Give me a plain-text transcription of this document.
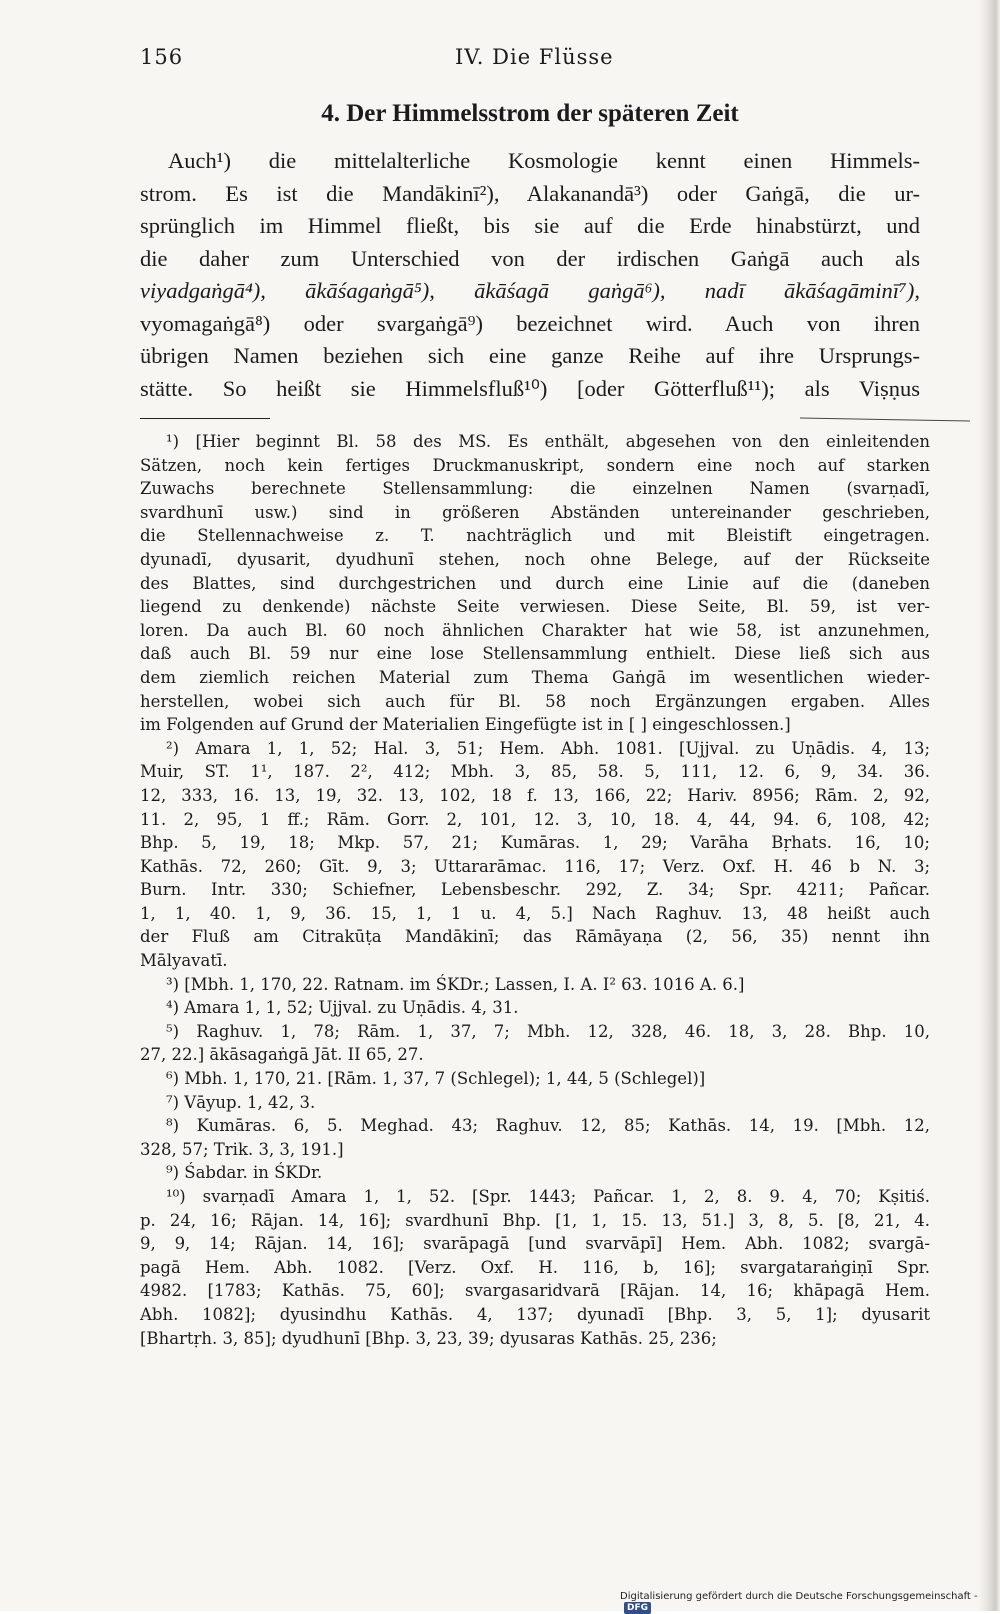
156	IV. Die Flüsse
4. Der Himmelsstrom der späteren Zeit
Auch¹) die mittelalterliche Kosmologie kennt einen Himmels-
strom. Es ist die Mandākinī²), Alakanandā³) oder Gaṅgā, die ur-
sprünglich im Himmel fließt, bis sie auf die Erde hinabstürzt, und
die daher zum Unterschied von der irdischen Gaṅgā auch als
viyadgaṅgā⁴), ākāśagaṅgā⁵), ākāśagā gaṅgā⁶), nadī ākāśagāminī⁷),
vyomagaṅgā⁸) oder svargaṅgā⁹) bezeichnet wird. Auch von ihren
übrigen Namen beziehen sich eine ganze Reihe auf ihre Ursprungs-
stätte. So heißt sie Himmelsfluß¹⁰) [oder Götterfluß¹¹); als Viṣṇus
¹) [Hier beginnt Bl. 58 des MS. Es enthält, abgesehen von den einleitenden
Sätzen, noch kein fertiges Druckmanuskript, sondern eine noch auf starken
Zuwachs berechnete Stellensammlung: die einzelnen Namen (svarṇadī,
svardhunī usw.) sind in größeren Abständen untereinander geschrieben,
die Stellennachweise z. T. nachträglich und mit Bleistift eingetragen.
dyunadī, dyusarit, dyudhunī stehen, noch ohne Belege, auf der Rückseite
des Blattes, sind durchgestrichen und durch eine Linie auf die (daneben
liegend zu denkende) nächste Seite verwiesen. Diese Seite, Bl. 59, ist ver-
loren. Da auch Bl. 60 noch ähnlichen Charakter hat wie 58, ist anzunehmen,
daß auch Bl. 59 nur eine lose Stellensammlung enthielt. Diese ließ sich aus
dem ziemlich reichen Material zum Thema Gaṅgā im wesentlichen wieder-
herstellen, wobei sich auch für Bl. 58 noch Ergänzungen ergaben. Alles
im Folgenden auf Grund der Materialien Eingefügte ist in [ ] eingeschlossen.]
²) Amara 1, 1, 52; Hal. 3, 51; Hem. Abh. 1081. [Ujjval. zu Uṇādis. 4, 13;
Muir, ST. 1¹, 187. 2², 412; Mbh. 3, 85, 58. 5, 111, 12. 6, 9, 34. 36.
12, 333, 16. 13, 19, 32. 13, 102, 18 f. 13, 166, 22; Hariv. 8956; Rām. 2, 92,
11. 2, 95, 1 ff.; Rām. Gorr. 2, 101, 12. 3, 10, 18. 4, 44, 94. 6, 108, 42;
Bhp. 5, 19, 18; Mkp. 57, 21; Kumāras. 1, 29; Varāha Bṛhats. 16, 10;
Kathās. 72, 260; Gīt. 9, 3; Uttararāmac. 116, 17; Verz. Oxf. H. 46 b N. 3;
Burn. Intr. 330; Schiefner, Lebensbeschr. 292, Z. 34; Spr. 4211; Pañcar.
1, 1, 40. 1, 9, 36. 15, 1, 1 u. 4, 5.] Nach Raghuv. 13, 48 heißt auch
der Fluß am Citrakūṭa Mandākinī; das Rāmāyaṇa (2, 56, 35) nennt ihn
Mālyavatī.
³) [Mbh. 1, 170, 22. Ratnam. im ŚKDr.; Lassen, I. A. I² 63. 1016 A. 6.]
⁴) Amara 1, 1, 52; Ujjval. zu Uṇādis. 4, 31.
⁵) Raghuv. 1, 78; Rām. 1, 37, 7; Mbh. 12, 328, 46. 18, 3, 28. Bhp. 10,
27, 22.] ākāsagaṅgā Jāt. II 65, 27.
⁶) Mbh. 1, 170, 21. [Rām. 1, 37, 7 (Schlegel); 1, 44, 5 (Schlegel)]
⁷) Vāyup. 1, 42, 3.
⁸) Kumāras. 6, 5. Meghad. 43; Raghuv. 12, 85; Kathās. 14, 19. [Mbh. 12,
328, 57; Trik. 3, 3, 191.]
⁹) Śabdar. in ŚKDr.
¹⁰) svarṇadī Amara 1, 1, 52. [Spr. 1443; Pañcar. 1, 2, 8. 9. 4, 70; Kṣitiś.
p. 24, 16; Rājan. 14, 16]; svardhunī Bhp. [1, 1, 15. 13, 51.] 3, 8, 5. [8, 21, 4.
9, 9, 14; Rājan. 14, 16]; svarāpagā [und svarvāpī] Hem. Abh. 1082; svargā-
pagā Hem. Abh. 1082. [Verz. Oxf. H. 116, b, 16]; svargataraṅgiṇī Spr.
4982. [1783; Kathās. 75, 60]; svargasaridvarā [Rājan. 14, 16; khāpagā Hem.
Abh. 1082]; dyusindhu Kathās. 4, 137; dyunadī [Bhp. 3, 5, 1]; dyusarit
[Bhartṛh. 3, 85]; dyudhunī [Bhp. 3, 23, 39; dyusaras Kathās. 25, 236;
Digitalisierung gefördert durch die Deutsche Forschungsgemeinschaft - DFG
